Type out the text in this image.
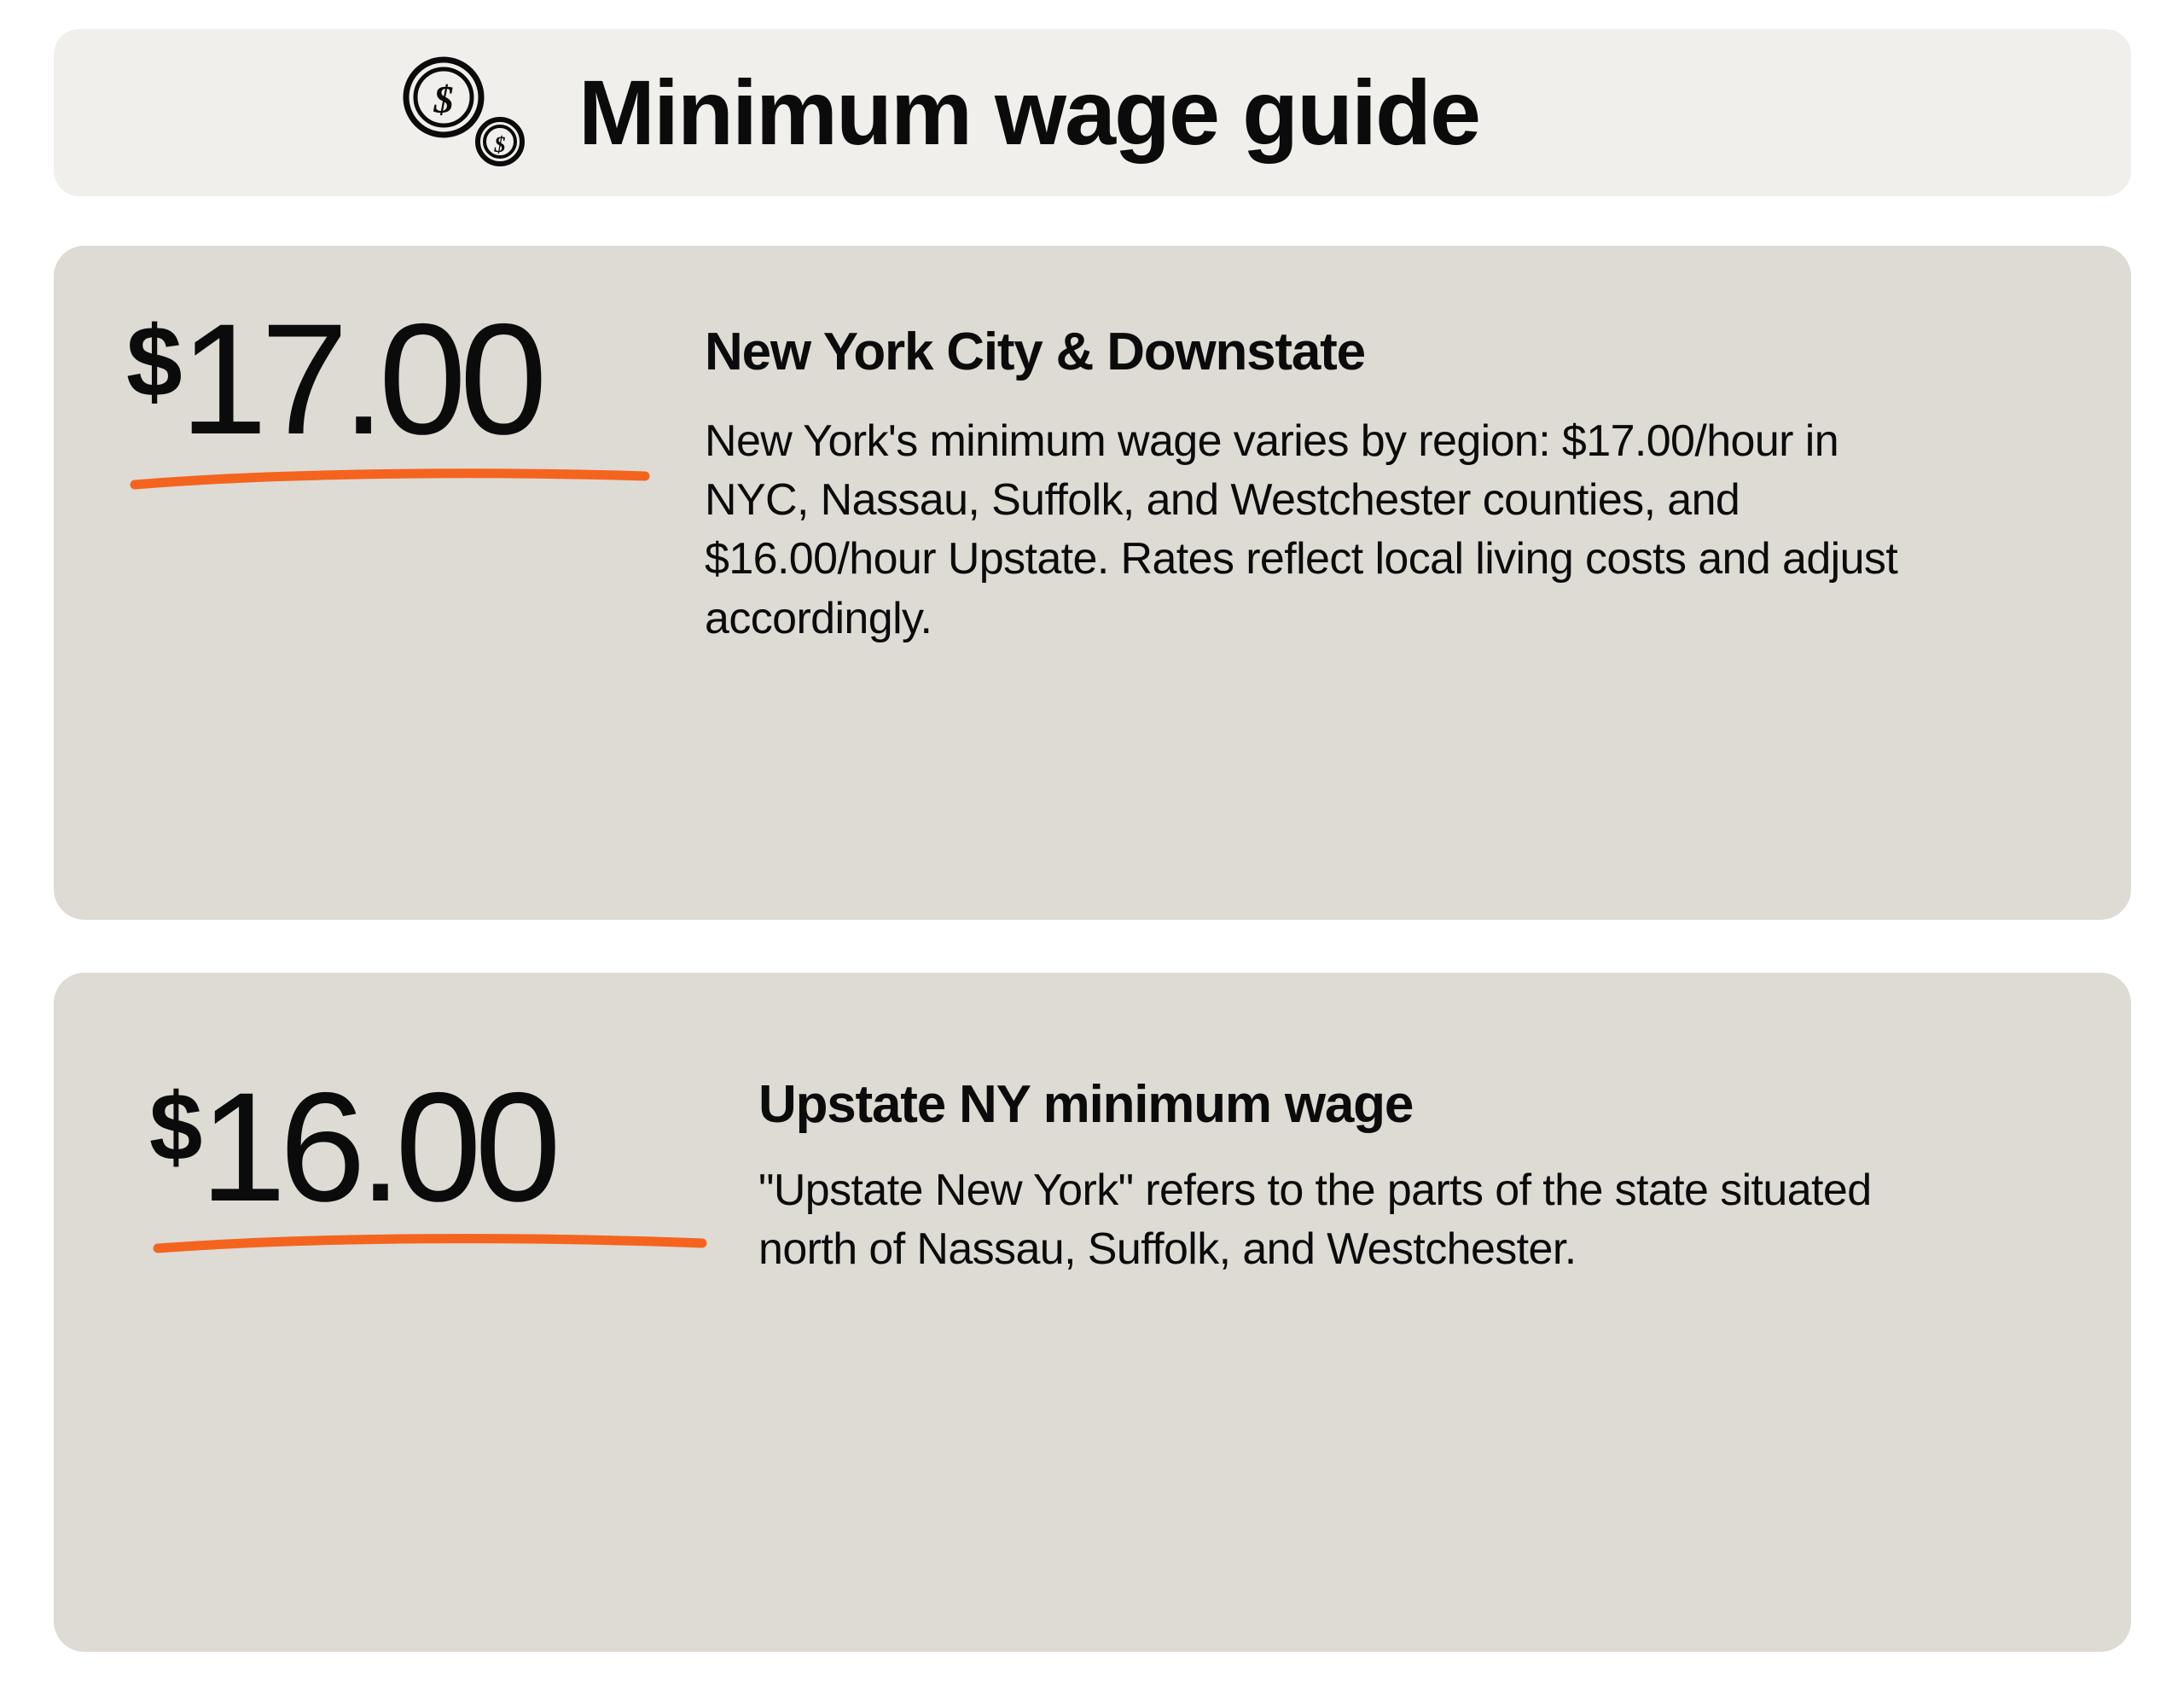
$
$ Minimum wage guide
$ 17.00	New York City & Downstate

New York's minimum wage varies by region: $17.00/hour in NYC, Nassau, Suffolk, and Westchester counties, and $16.00/hour Upstate. Rates reflect local living costs and adjust accordingly.

$ 16.00	Upstate NY minimum wage

"Upstate New York" refers to the parts of the state situated north of Nassau, Suffolk, and Westchester.
